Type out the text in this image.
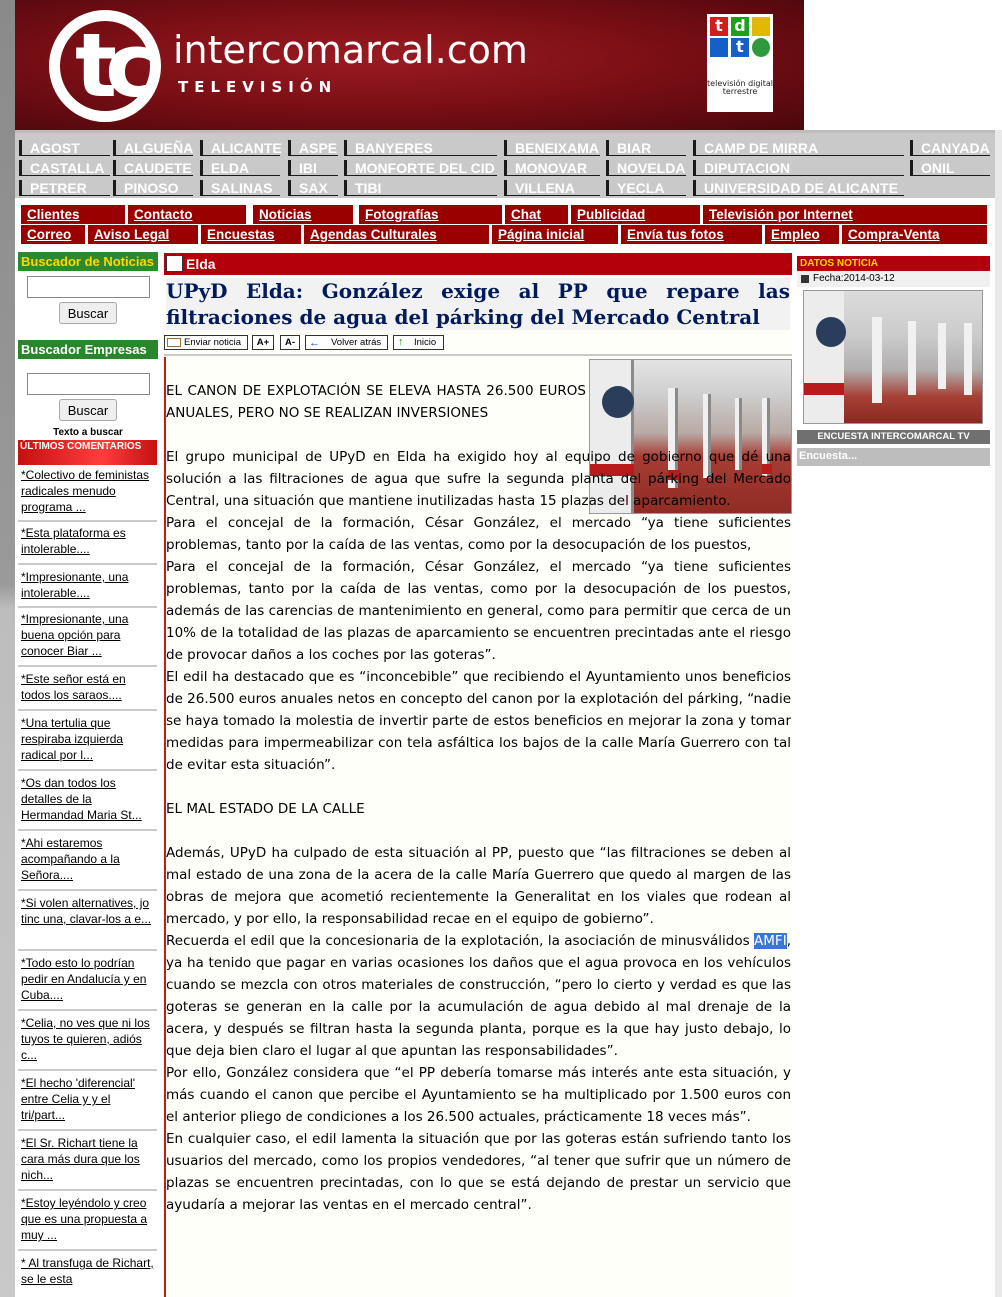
tc intercomarcal.com
TELEVISIÓN
t d
t
televisión digital terrestre
AGOST	ALGUEÑA	ALICANTE	ASPE	BANYERES	BENEIXAMA	BIAR	CAMP DE MIRRA	CANYADA
CASTALLA	CAUDETE	ELDA	IBI	MONFORTE DEL CID	MONOVAR	NOVELDA	DIPUTACION	ONIL
PETRER	PINOSO	SALINAS	SAX	TIBI	VILLENA	YECLA	UNIVERSIDAD DE ALICANTE
Clientes	Contacto	Noticias	Fotografías	Chat	Publicidad	Televisión por Internet
Correo	Aviso Legal	Encuestas	Agendas Culturales	Página inicial	Envía tus fotos	Empleo	Compra-Venta
Buscador de Noticias
Buscar
Buscador Empresas
Buscar
Texto a buscar
ÚLTIMOS COMENTARIOS
*Colectivo de feministas radicales menudo programa ...
*Esta plataforma es intolerable....
*Impresionante, una intolerable....
*Impresionante, una buena opción para conocer Biar ...
*Este señor está en todos los saraos....
*Una tertulia que respiraba izquierda radical por l...
*Os dan todos los detalles de la Hermandad Maria St...
*Ahi estaremos acompañando a la Señora....
*Si volen alternatives, jo tinc una, clavar-los a e...
*Todo esto lo podrían pedir en Andalucía y en Cuba....
*Celia, no ves que ni los tuyos te quieren, adiós c...
*El hecho 'diferencial' entre Celia y y el tri/part...
*El Sr. Richart tiene la cara más dura que los nich...
*Estoy leyéndolo y creo que es una propuesta a muy ...
* Al transfuga de Richart, se le esta
Elda
UPyD Elda: González exige al PP que repare las filtraciones de agua del párking del Mercado Central
Enviar noticia	A+	A-	← Volver atrás	↑ Inicio

EL CANON DE EXPLOTACIÓN SE ELEVA HASTA 26.500 EUROS ANUALES, PERO NO SE REALIZAN INVERSIONES

El grupo municipal de UPyD en Elda ha exigido hoy al equipo de gobierno que dé una solución a las filtraciones de agua que sufre la segunda planta del párking del Mercado Central, una situación que mantiene inutilizadas hasta 15 plazas del aparcamiento.

Para el concejal de la formación, César González, el mercado “ya tiene suficientes problemas, tanto por la caída de las ventas, como por la desocupación de los puestos,

Para el concejal de la formación, César González, el mercado “ya tiene suficientes problemas, tanto por la caída de las ventas, como por la desocupación de los puestos, además de las carencias de mantenimiento en general, como para permitir que cerca de un 10% de la totalidad de las plazas de aparcamiento se encuentren precintadas ante el riesgo de provocar daños a los coches por las goteras”.

El edil ha destacado que es “inconcebible” que recibiendo el Ayuntamiento unos beneficios de 26.500 euros anuales netos en concepto del canon por la explotación del párking, “nadie se haya tomado la molestia de invertir parte de estos beneficios en mejorar la zona y tomar medidas para impermeabilizar con tela asfáltica los bajos de la calle María Guerrero con tal de evitar esta situación”.

EL MAL ESTADO DE LA CALLE

Además, UPyD ha culpado de esta situación al PP, puesto que “las filtraciones se deben al mal estado de una zona de la acera de la calle María Guerrero que quedo al margen de las obras de mejora que acometió recientemente la Generalitat en los viales que rodean al mercado, y por ello, la responsabilidad recae en el equipo de gobierno”.

Recuerda el edil que la concesionaria de la explotación, la asociación de minusválidos AMFI, ya ha tenido que pagar en varias ocasiones los daños que el agua provoca en los vehículos cuando se mezcla con otros materiales de construcción, “pero lo cierto y verdad es que las goteras se generan en la calle por la acumulación de agua debido al mal drenaje de la acera, y después se filtran hasta la segunda planta, porque es la que hay justo debajo, lo que deja bien claro el lugar al que apuntan las responsabilidades”.

Por ello, González considera que “el PP debería tomarse más interés ante esta situación, y más cuando el canon que percibe el Ayuntamiento se ha multiplicado por 1.500 euros con el anterior pliego de condiciones a los 26.500 actuales, prácticamente 18 veces más”.

En cualquier caso, el edil lamenta la situación que por las goteras están sufriendo tanto los usuarios del mercado, como los propios vendedores, “al tener que sufrir que un número de plazas se encuentren precintadas, con lo que se está dejando de prestar un servicio que ayudaría a mejorar las ventas en el mercado central”.

DATOS NOTICIA
Fecha:2014-03-12
ENCUESTA INTERCOMARCAL TV
Encuesta...
